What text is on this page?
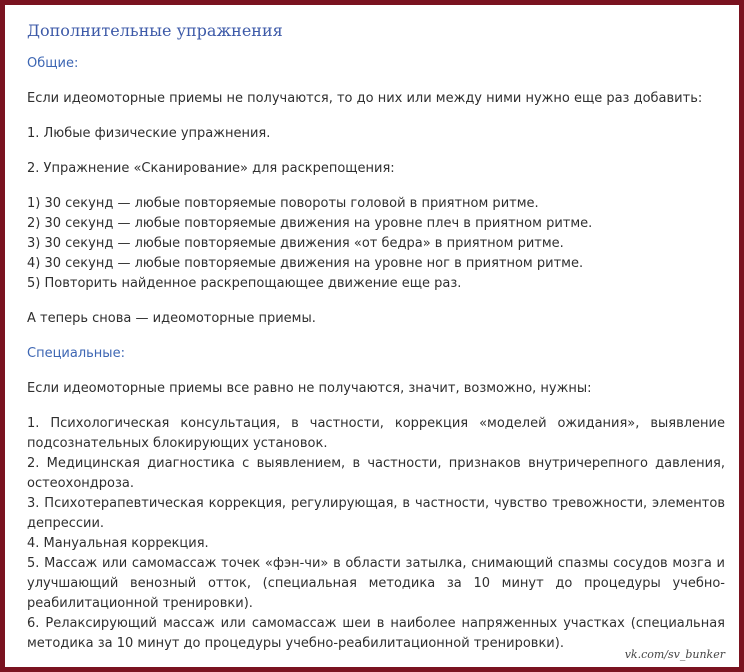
Дополнительные упражнения
Общие:
Если идеомоторные приемы не получаются, то до них или между ними нужно еще раз добавить:
1. Любые физические упражнения.
2. Упражнение «Сканирование» для раскрепощения:
1) 30 секунд — любые повторяемые повороты головой в приятном ритме.
2) 30 секунд — любые повторяемые движения на уровне плеч в приятном ритме.
3) 30 секунд — любые повторяемые движения «от бедра» в приятном ритме.
4) 30 секунд — любые повторяемые движения на уровне ног в приятном ритме.
5) Повторить найденное раскрепощающее движение еще раз.
А теперь снова — идеомоторные приемы.
Специальные:
Если идеомоторные приемы все равно не получаются, значит, возможно, нужны:
1. Психологическая консультация, в частности, коррекция «моделей ожидания», выявление подсознательных блокирующих установок.
2. Медицинская диагностика с выявлением, в частности, признаков внутричерепного давления, остеохондроза.
3. Психотерапевтическая коррекция, регулирующая, в частности, чувство тревожности, элементов депрессии.
4. Мануальная коррекция.
5. Массаж или самомассаж точек «фэн-чи» в области затылка, снимающий спазмы сосудов мозга и улучшающий венозный отток, (специальная методика за 10 минут до процедуры учебно-реабилитационной тренировки).
6. Релаксирующий массаж или самомассаж шеи в наиболее напряженных участках (специальная методика за 10 минут до процедуры учебно-реабилитационной тренировки).
vk.com/sv_bunker
